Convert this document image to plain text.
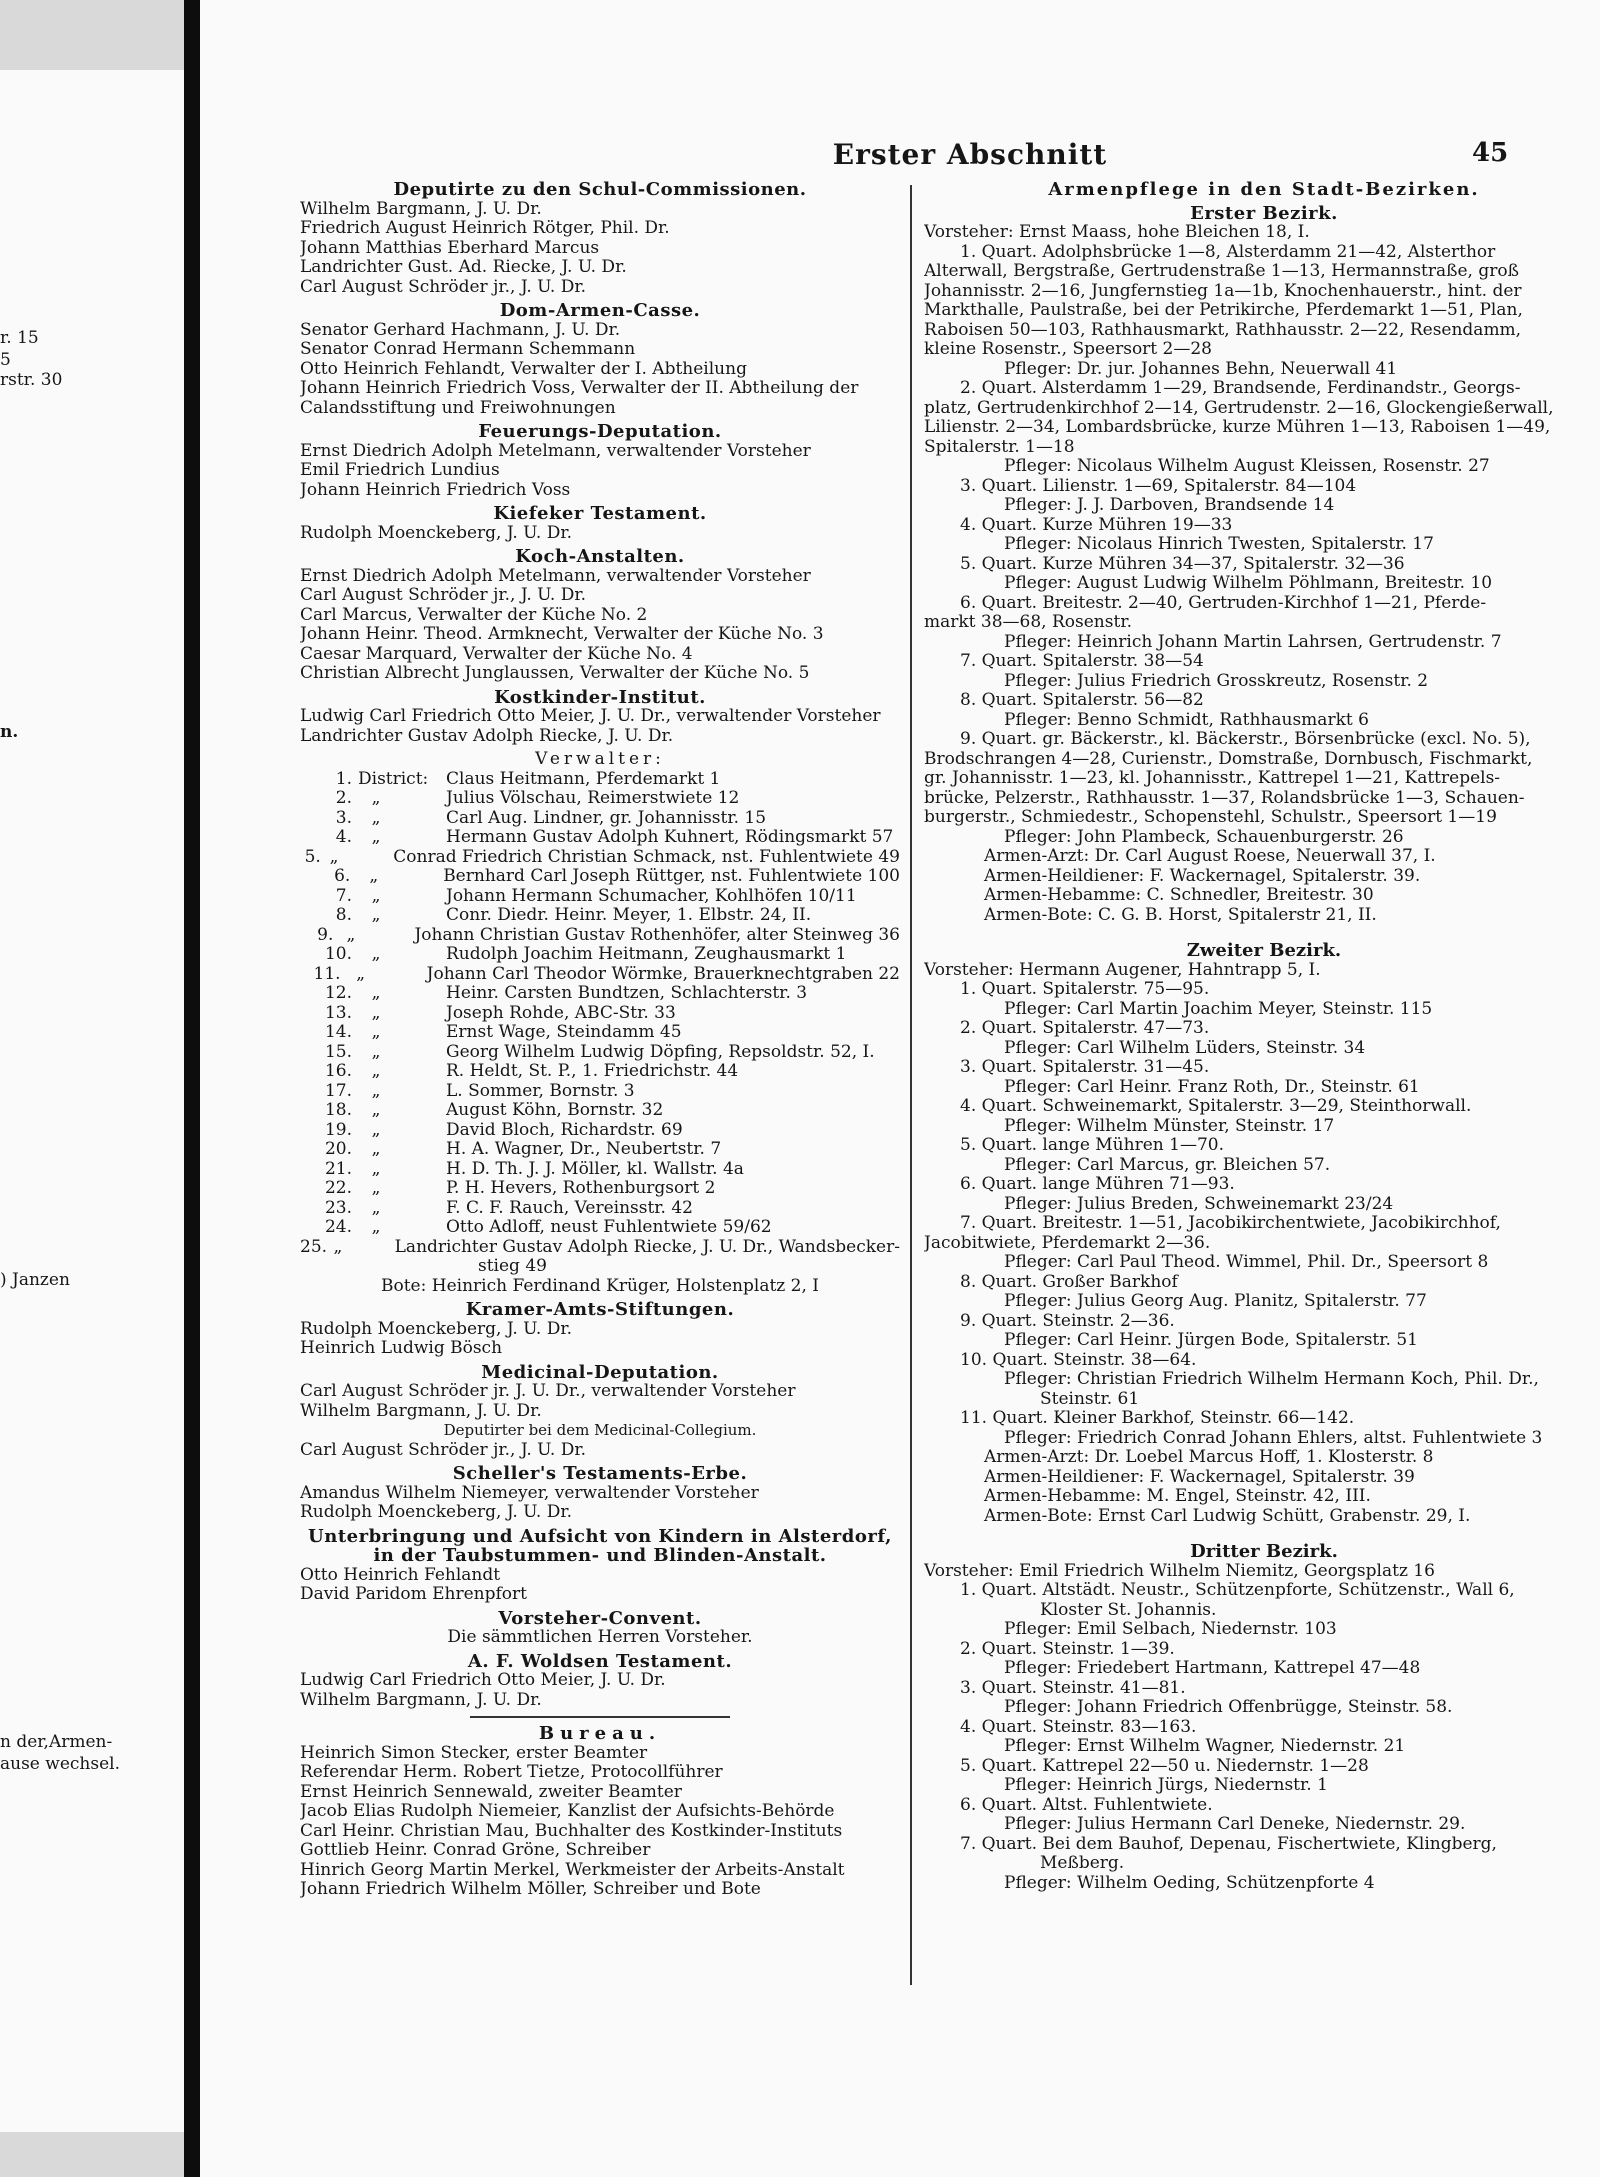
r. 15
5
rstr. 30
n.
) Janzen
n der,Armen-
ause wechsel.
Erster Abschnitt	45
Deputirte zu den Schul-Commissionen.
Wilhelm Bargmann, J. U. Dr.
Friedrich August Heinrich Rötger, Phil. Dr.
Johann Matthias Eberhard Marcus
Landrichter Gust. Ad. Riecke, J. U. Dr.
Carl August Schröder jr., J. U. Dr.
Dom-Armen-Casse.
Senator Gerhard Hachmann, J. U. Dr.
Senator Conrad Hermann Schemmann
Otto Heinrich Fehlandt, Verwalter der I. Abtheilung
Johann Heinrich Friedrich Voss, Verwalter der II. Abtheilung der
Calandsstiftung und Freiwohnungen
Feuerungs-Deputation.
Ernst Diedrich Adolph Metelmann, verwaltender Vorsteher
Emil Friedrich Lundius
Johann Heinrich Friedrich Voss
Kiefeker Testament.
Rudolph Moenckeberg, J. U. Dr.
Koch-Anstalten.
Ernst Diedrich Adolph Metelmann, verwaltender Vorsteher
Carl August Schröder jr., J. U. Dr.
Carl Marcus, Verwalter der Küche No. 2
Johann Heinr. Theod. Armknecht, Verwalter der Küche No. 3
Caesar Marquard, Verwalter der Küche No. 4
Christian Albrecht Junglaussen, Verwalter der Küche No. 5
Kostkinder-Institut.
Ludwig Carl Friedrich Otto Meier, J. U. Dr., verwaltender Vorsteher
Landrichter Gustav Adolph Riecke, J. U. Dr.
Verwalter:
1. District:	Claus Heitmann, Pferdemarkt 1
2.	„	Julius Völschau, Reimerstwiete 12
3.	„	Carl Aug. Lindner, gr. Johannisstr. 15
4.	„	Hermann Gustav Adolph Kuhnert, Rödingsmarkt 57
5. „	Conrad Friedrich Christian Schmack, nst. Fuhlentwiete 49
6.	„	Bernhard Carl Joseph Rüttger, nst. Fuhlentwiete 100
7.	„	Johann Hermann Schumacher, Kohlhöfen 10/11
8.	„	Conr. Diedr. Heinr. Meyer, 1. Elbstr. 24, II.
9. „	Johann Christian Gustav Rothenhöfer, alter Steinweg 36
10.	„	Rudolph Joachim Heitmann, Zeughausmarkt 1
11. „	Johann Carl Theodor Wörmke, Brauerknechtgraben 22
12.	„	Heinr. Carsten Bundtzen, Schlachterstr. 3
13.	„	Joseph Rohde, ABC-Str. 33
14.	„	Ernst Wage, Steindamm 45
15.	„	Georg Wilhelm Ludwig Döpfing, Repsoldstr. 52, I.
16.	„	R. Heldt, St. P., 1. Friedrichstr. 44
17.	„	L. Sommer, Bornstr. 3
18.	„	August Köhn, Bornstr. 32
19.	„	David Bloch, Richardstr. 69
20.	„	H. A. Wagner, Dr., Neubertstr. 7
21.	„	H. D. Th. J. J. Möller, kl. Wallstr. 4a
22.	„	P. H. Hevers, Rothenburgsort 2
23.	„	F. C. F. Rauch, Vereinsstr. 42
24.	„	Otto Adloff, neust Fuhlentwiete 59/62
25. „	Landrichter Gustav Adolph Riecke, J. U. Dr., Wandsbecker-
stieg 49
Bote: Heinrich Ferdinand Krüger, Holstenplatz 2, I
Kramer-Amts-Stiftungen.
Rudolph Moenckeberg, J. U. Dr.
Heinrich Ludwig Bösch
Medicinal-Deputation.
Carl August Schröder jr. J. U. Dr., verwaltender Vorsteher
Wilhelm Bargmann, J. U. Dr.
Deputirter bei dem Medicinal-Collegium.
Carl August Schröder jr., J. U. Dr.
Scheller's Testaments-Erbe.
Amandus Wilhelm Niemeyer, verwaltender Vorsteher
Rudolph Moenckeberg, J. U. Dr.
Unterbringung und Aufsicht von Kindern in Alsterdorf,
in der Taubstummen- und Blinden-Anstalt.
Otto Heinrich Fehlandt
David Paridom Ehrenpfort
Vorsteher-Convent.
Die sämmtlichen Herren Vorsteher.
A. F. Woldsen Testament.
Ludwig Carl Friedrich Otto Meier, J. U. Dr.
Wilhelm Bargmann, J. U. Dr.
Bureau.
Heinrich Simon Stecker, erster Beamter
Referendar Herm. Robert Tietze, Protocollführer
Ernst Heinrich Sennewald, zweiter Beamter
Jacob Elias Rudolph Niemeier, Kanzlist der Aufsichts-Behörde
Carl Heinr. Christian Mau, Buchhalter des Kostkinder-Instituts
Gottlieb Heinr. Conrad Gröne, Schreiber
Hinrich Georg Martin Merkel, Werkmeister der Arbeits-Anstalt
Johann Friedrich Wilhelm Möller, Schreiber und Bote
Armenpflege in den Stadt-Bezirken.
Erster Bezirk.
Vorsteher: Ernst Maass, hohe Bleichen 18, I.
1. Quart. Adolphsbrücke 1—8, Alsterdamm 21—42, Alsterthor
Alterwall, Bergstraße, Gertrudenstraße 1—13, Hermannstraße, groß
Johannisstr. 2—16, Jungfernstieg 1a—1b, Knochenhauerstr., hint. der
Markthalle, Paulstraße, bei der Petrikirche, Pferdemarkt 1—51, Plan,
Raboisen 50—103, Rathhausmarkt, Rathhausstr. 2—22, Resendamm,
kleine Rosenstr., Speersort 2—28
Pfleger: Dr. jur. Johannes Behn, Neuerwall 41
2. Quart. Alsterdamm 1—29, Brandsende, Ferdinandstr., Georgs-
platz, Gertrudenkirchhof 2—14, Gertrudenstr. 2—16, Glockengießerwall,
Lilienstr. 2—34, Lombardsbrücke, kurze Mühren 1—13, Raboisen 1—49,
Spitalerstr. 1—18
Pfleger: Nicolaus Wilhelm August Kleissen, Rosenstr. 27
3. Quart. Lilienstr. 1—69, Spitalerstr. 84—104
Pfleger: J. J. Darboven, Brandsende 14
4. Quart. Kurze Mühren 19—33
Pfleger: Nicolaus Hinrich Twesten, Spitalerstr. 17
5. Quart. Kurze Mühren 34—37, Spitalerstr. 32—36
Pfleger: August Ludwig Wilhelm Pöhlmann, Breitestr. 10
6. Quart. Breitestr. 2—40, Gertruden-Kirchhof 1—21, Pferde-
markt 38—68, Rosenstr.
Pfleger: Heinrich Johann Martin Lahrsen, Gertrudenstr. 7
7. Quart. Spitalerstr. 38—54
Pfleger: Julius Friedrich Grosskreutz, Rosenstr. 2
8. Quart. Spitalerstr. 56—82
Pfleger: Benno Schmidt, Rathhausmarkt 6
9. Quart. gr. Bäckerstr., kl. Bäckerstr., Börsenbrücke (excl. No. 5),
Brodschrangen 4—28, Curienstr., Domstraße, Dornbusch, Fischmarkt,
gr. Johannisstr. 1—23, kl. Johannisstr., Kattrepel 1—21, Kattrepels-
brücke, Pelzerstr., Rathhausstr. 1—37, Rolandsbrücke 1—3, Schauen-
burgerstr., Schmiedestr., Schopenstehl, Schulstr., Speersort 1—19
Pfleger: John Plambeck, Schauenburgerstr. 26
Armen-Arzt: Dr. Carl August Roese, Neuerwall 37, I.
Armen-Heildiener: F. Wackernagel, Spitalerstr. 39.
Armen-Hebamme: C. Schnedler, Breitestr. 30
Armen-Bote: C. G. B. Horst, Spitalerstr 21, II.
Zweiter Bezirk.
Vorsteher: Hermann Augener, Hahntrapp 5, I.
1. Quart. Spitalerstr. 75—95.
Pfleger: Carl Martin Joachim Meyer, Steinstr. 115
2. Quart. Spitalerstr. 47—73.
Pfleger: Carl Wilhelm Lüders, Steinstr. 34
3. Quart. Spitalerstr. 31—45.
Pfleger: Carl Heinr. Franz Roth, Dr., Steinstr. 61
4. Quart. Schweinemarkt, Spitalerstr. 3—29, Steinthorwall.
Pfleger: Wilhelm Münster, Steinstr. 17
5. Quart. lange Mühren 1—70.
Pfleger: Carl Marcus, gr. Bleichen 57.
6. Quart. lange Mühren 71—93.
Pfleger: Julius Breden, Schweinemarkt 23/24
7. Quart. Breitestr. 1—51, Jacobikirchentwiete, Jacobikirchhof,
Jacobitwiete, Pferdemarkt 2—36.
Pfleger: Carl Paul Theod. Wimmel, Phil. Dr., Speersort 8
8. Quart. Großer Barkhof
Pfleger: Julius Georg Aug. Planitz, Spitalerstr. 77
9. Quart. Steinstr. 2—36.
Pfleger: Carl Heinr. Jürgen Bode, Spitalerstr. 51
10. Quart. Steinstr. 38—64.
Pfleger: Christian Friedrich Wilhelm Hermann Koch, Phil. Dr.,
Steinstr. 61
11. Quart. Kleiner Barkhof, Steinstr. 66—142.
Pfleger: Friedrich Conrad Johann Ehlers, altst. Fuhlentwiete 3
Armen-Arzt: Dr. Loebel Marcus Hoff, 1. Klosterstr. 8
Armen-Heildiener: F. Wackernagel, Spitalerstr. 39
Armen-Hebamme: M. Engel, Steinstr. 42, III.
Armen-Bote: Ernst Carl Ludwig Schütt, Grabenstr. 29, I.
Dritter Bezirk.
Vorsteher: Emil Friedrich Wilhelm Niemitz, Georgsplatz 16
1. Quart. Altstädt. Neustr., Schützenpforte, Schützenstr., Wall 6,
Kloster St. Johannis.
Pfleger: Emil Selbach, Niedernstr. 103
2. Quart. Steinstr. 1—39.
Pfleger: Friedebert Hartmann, Kattrepel 47—48
3. Quart. Steinstr. 41—81.
Pfleger: Johann Friedrich Offenbrügge, Steinstr. 58.
4. Quart. Steinstr. 83—163.
Pfleger: Ernst Wilhelm Wagner, Niedernstr. 21
5. Quart. Kattrepel 22—50 u. Niedernstr. 1—28
Pfleger: Heinrich Jürgs, Niedernstr. 1
6. Quart. Altst. Fuhlentwiete.
Pfleger: Julius Hermann Carl Deneke, Niedernstr. 29.
7. Quart. Bei dem Bauhof, Depenau, Fischertwiete, Klingberg,
Meßberg.
Pfleger: Wilhelm Oeding, Schützenpforte 4
